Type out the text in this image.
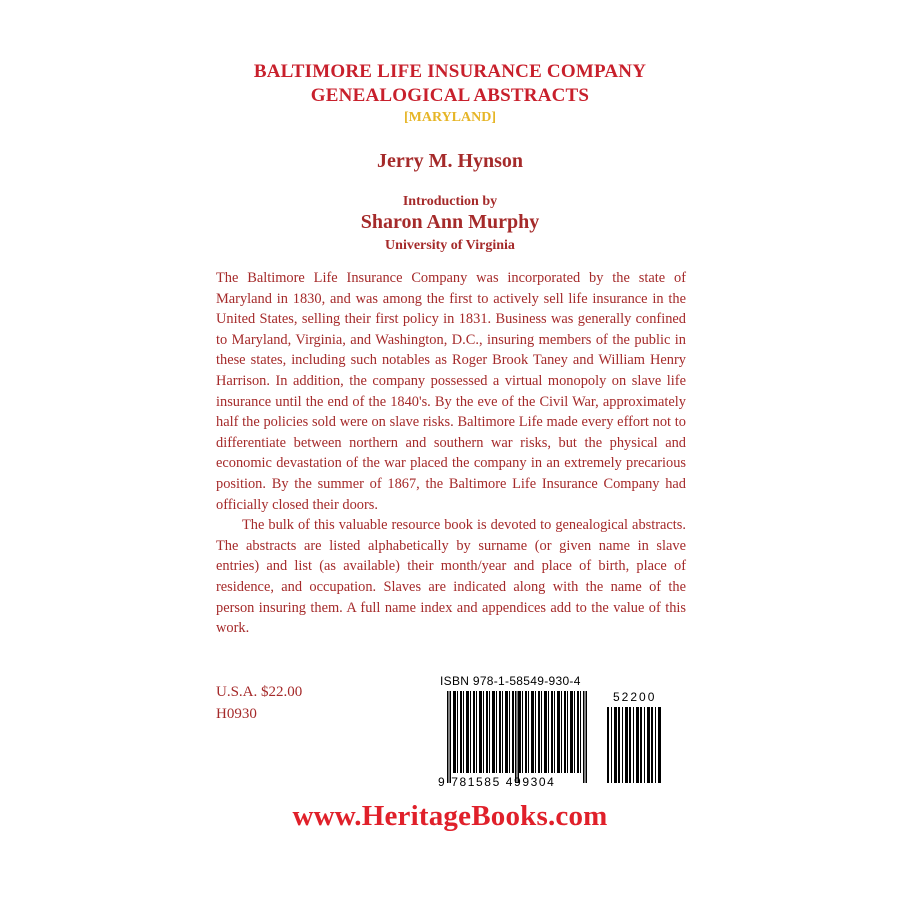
BALTIMORE LIFE INSURANCE COMPANY
GENEALOGICAL ABSTRACTS
[MARYLAND]
Jerry M. Hynson
Introduction by
Sharon Ann Murphy
University of Virginia

The Baltimore Life Insurance Company was incorporated by the state of Maryland in 1830, and was among the first to actively sell life insurance in the United States, selling their first policy in 1831. Business was generally confined to Maryland, Virginia, and Washington, D.C., insuring members of the public in these states, including such notables as Roger Brook Taney and William Henry Harrison. In addition, the company possessed a virtual monopoly on slave life insurance until the end of the 1840's. By the eve of the Civil War, approximately half the policies sold were on slave risks. Baltimore Life made every effort not to differentiate between northern and southern war risks, but the physical and economic devastation of the war placed the company in an extremely precarious position. By the summer of 1867, the Baltimore Life Insurance Company had officially closed their doors.

The bulk of this valuable resource book is devoted to genealogical abstracts. The abstracts are listed alphabetically by surname (or given name in slave entries) and list (as available) their month/year and place of birth, place of residence, and occupation. Slaves are indicated along with the name of the person insuring them. A full name index and appendices add to the value of this work.

U.S.A. $22.00
H0930
ISBN 978-1-58549-930-4
9 781585 499304
52200
www.HeritageBooks.com
